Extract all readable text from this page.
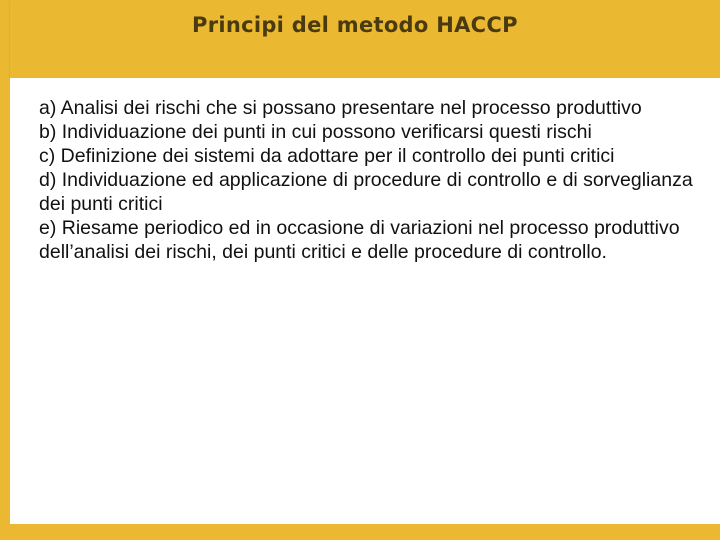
Principi del metodo HACCP
a) Analisi dei rischi che si possano presentare nel processo produttivo
b) Individuazione dei punti in cui possono verificarsi questi rischi
c) Definizione dei sistemi da adottare per il controllo dei punti critici
d) Individuazione ed applicazione di procedure di controllo e di sorveglianza dei punti critici
e) Riesame periodico ed in occasione di variazioni nel processo produttivo dell’analisi dei rischi, dei punti critici e delle procedure di controllo.
